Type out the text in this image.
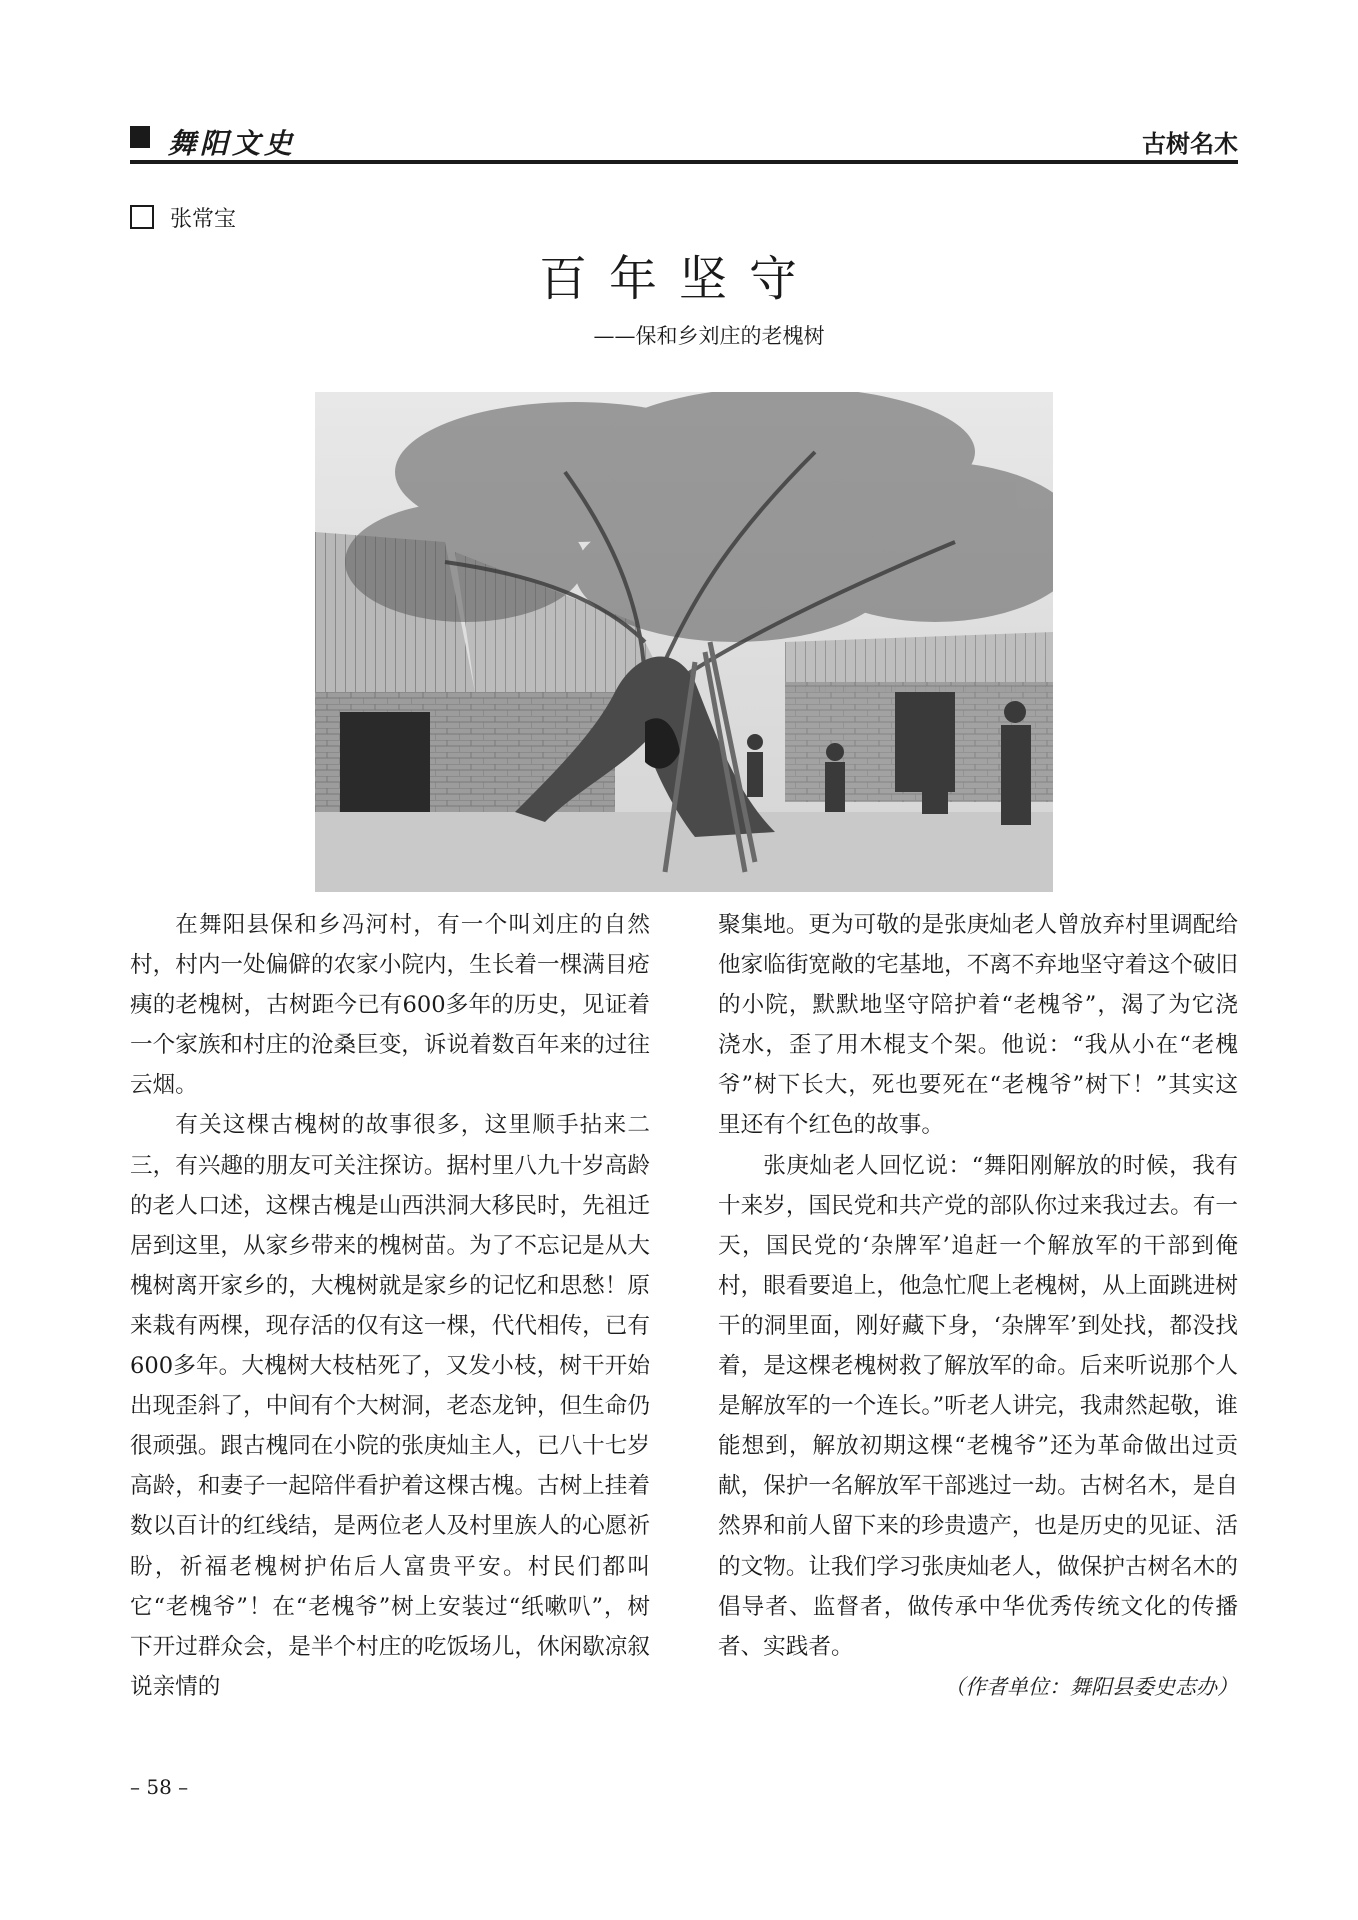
舞阳文史	古树名木
张常宝
百年坚守
——保和乡刘庄的老槐树

在舞阳县保和乡冯河村，有一个叫刘庄的自然村，村内一处偏僻的农家小院内，生长着一棵满目疮痍的老槐树，古树距今已有600多年的历史，见证着一个家族和村庄的沧桑巨变，诉说着数百年来的过往云烟。

有关这棵古槐树的故事很多，这里顺手拈来二三，有兴趣的朋友可关注探访。据村里八九十岁高龄的老人口述，这棵古槐是山西洪洞大移民时，先祖迁居到这里，从家乡带来的槐树苗。为了不忘记是从大槐树离开家乡的，大槐树就是家乡的记忆和思愁！原来栽有两棵，现存活的仅有这一棵，代代相传，已有600多年。大槐树大枝枯死了，又发小枝，树干开始出现歪斜了，中间有个大树洞，老态龙钟，但生命仍很顽强。跟古槐同在小院的张庚灿主人，已八十七岁高龄，和妻子一起陪伴看护着这棵古槐。古树上挂着数以百计的红线结，是两位老人及村里族人的心愿祈盼，祈福老槐树护佑后人富贵平安。村民们都叫它“老槐爷”！在“老槐爷”树上安装过“纸嗽叭”，树下开过群众会，是半个村庄的吃饭场儿，休闲歇凉叙说亲情的

聚集地。更为可敬的是张庚灿老人曾放弃村里调配给他家临街宽敞的宅基地，不离不弃地坚守着这个破旧的小院，默默地坚守陪护着“老槐爷”，渴了为它浇浇水，歪了用木棍支个架。他说：“我从小在“老槐爷”树下长大，死也要死在“老槐爷”树下！”其实这里还有个红色的故事。

张庚灿老人回忆说：“舞阳刚解放的时候，我有十来岁，国民党和共产党的部队你过来我过去。有一天，国民党的‘杂牌军’追赶一个解放军的干部到俺村，眼看要追上，他急忙爬上老槐树，从上面跳进树干的洞里面，刚好藏下身，‘杂牌军’到处找，都没找着，是这棵老槐树救了解放军的命。后来听说那个人是解放军的一个连长。”听老人讲完，我肃然起敬，谁能想到，解放初期这棵“老槐爷”还为革命做出过贡献，保护一名解放军干部逃过一劫。古树名木，是自然界和前人留下来的珍贵遗产，也是历史的见证、活的文物。让我们学习张庚灿老人，做保护古树名木的倡导者、监督者，做传承中华优秀传统文化的传播者、实践者。

（作者单位：舞阳县委史志办）

– 58 –
